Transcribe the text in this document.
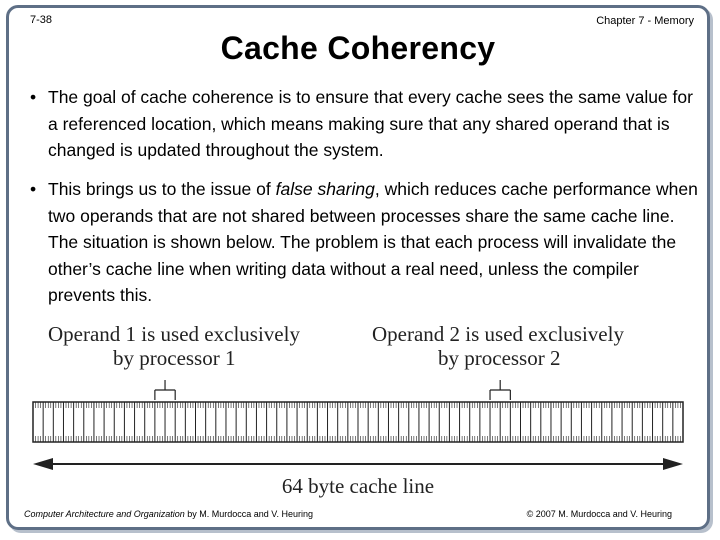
7-38	Chapter 7 - Memory
Cache Coherency
• The goal of cache coherence is to ensure that every cache sees the same value for a referenced location, which means making sure that any shared operand that is changed is updated throughout the system.
• This brings us to the issue of false sharing, which reduces cache performance when two operands that are not shared between processes share the same cache line. The situation is shown below. The problem is that each process will invalidate the other’s cache line when writing data without a real need, unless the compiler prevents this.
Operand 1 is used exclusively
by processor 1
Operand 2 is used exclusively
by processor 2
64 byte cache line
Computer Architecture and Organization by M. Murdocca and V. Heuring	© 2007 M. Murdocca and V. Heuring
